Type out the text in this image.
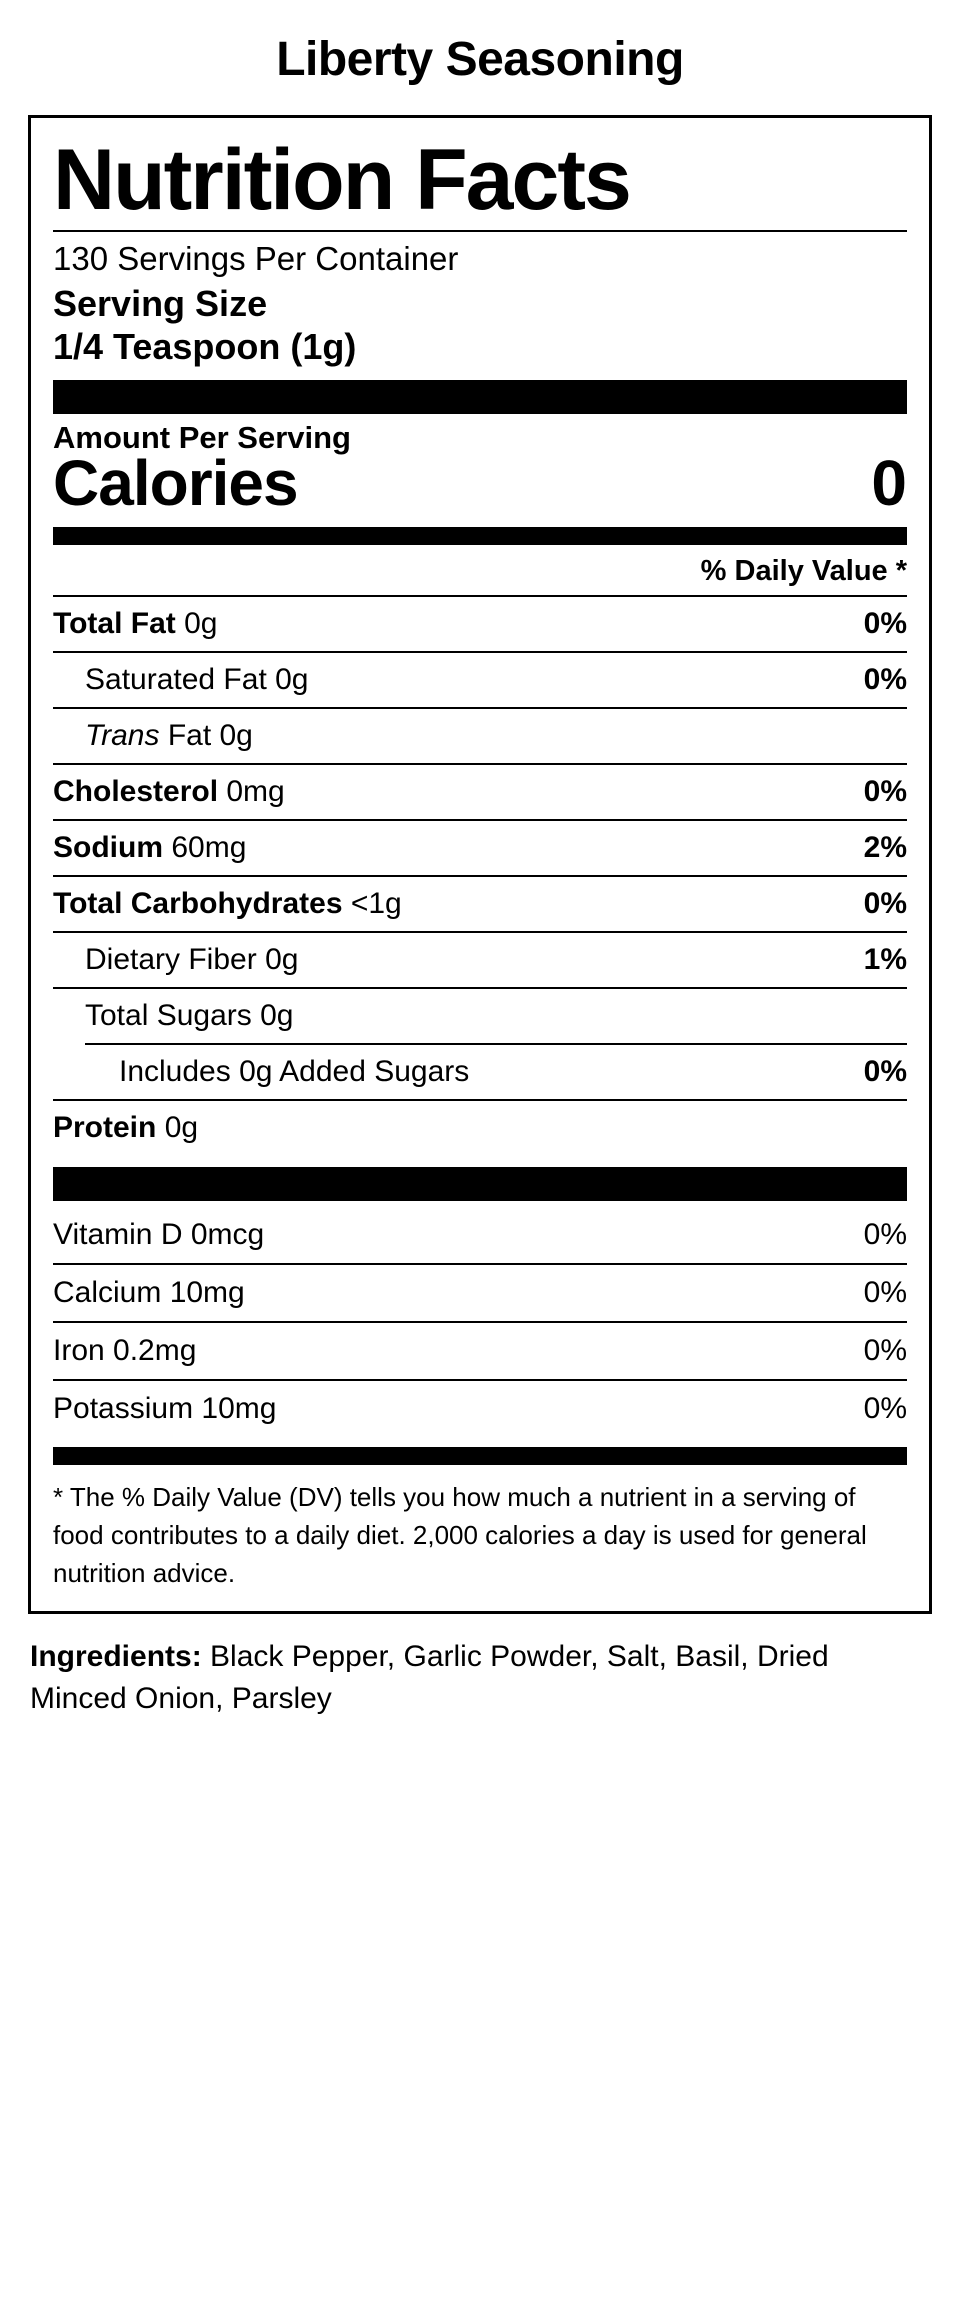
Liberty Seasoning
Nutrition Facts
130 Servings Per Container
Serving Size
1/4 Teaspoon (1g)
Amount Per Serving
Calories	0
% Daily Value *
Total Fat 0g	0%
Saturated Fat 0g	0%
Trans Fat 0g
Cholesterol 0mg	0%
Sodium 60mg	2%
Total Carbohydrates <1g	0%
Dietary Fiber 0g	1%
Total Sugars 0g
Includes 0g Added Sugars	0%
Protein 0g
Vitamin D 0mcg	0%
Calcium 10mg	0%
Iron 0.2mg	0%
Potassium 10mg	0%
* The % Daily Value (DV) tells you how much a nutrient in a serving of food contributes to a daily diet. 2,000 calories a day is used for general nutrition advice.
Ingredients: Black Pepper, Garlic Powder, Salt, Basil, Dried Minced Onion, Parsley
